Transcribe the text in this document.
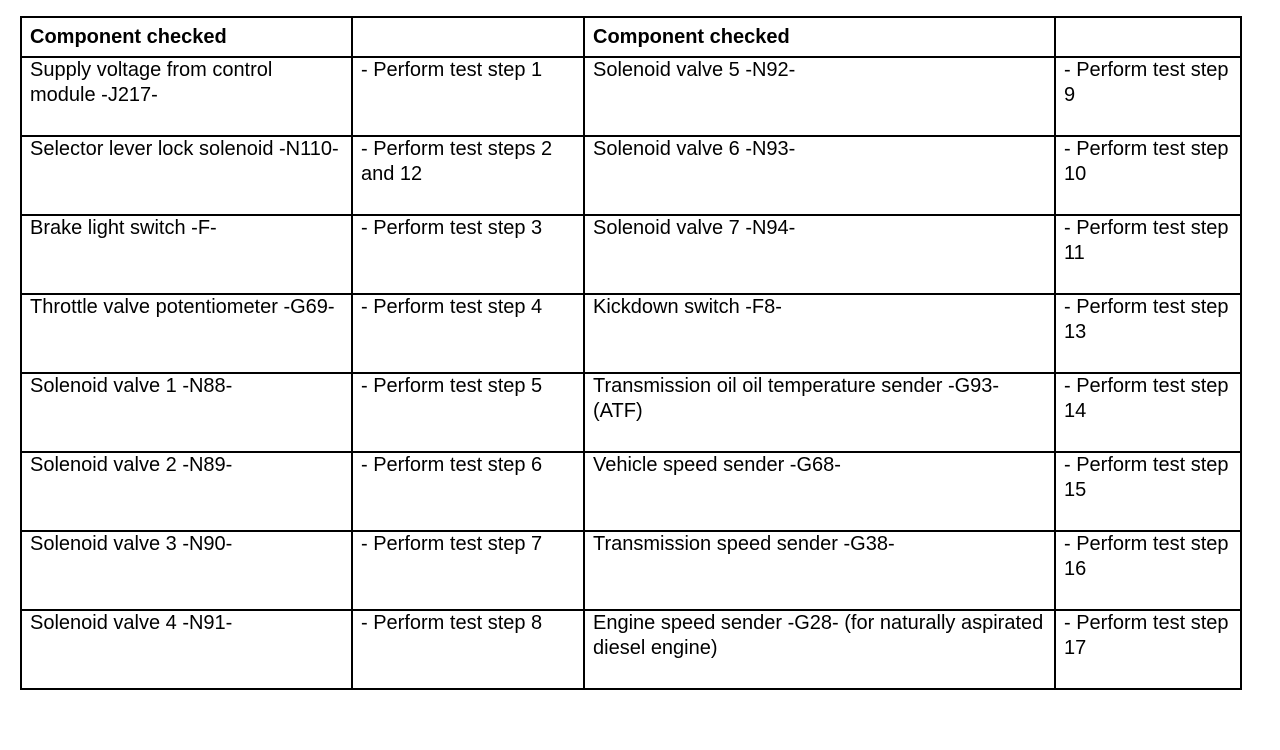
Component checked		Component checked	
Supply voltage from control module -J217-	- Perform test step 1	Solenoid valve 5 -N92-	- Perform test step 9
Selector lever lock solenoid -N110-	- Perform test steps 2 and 12	Solenoid valve 6 -N93-	- Perform test step 10
Brake light switch -F-	- Perform test step 3	Solenoid valve 7 -N94-	- Perform test step 11
Throttle valve potentiometer -G69-	- Perform test step 4	Kickdown switch -F8-	- Perform test step 13
Solenoid valve 1 -N88-	- Perform test step 5	Transmission oil oil temperature sender -G93- (ATF)	- Perform test step 14
Solenoid valve 2 -N89-	- Perform test step 6	Vehicle speed sender -G68-	- Perform test step 15
Solenoid valve 3 -N90-	- Perform test step 7	Transmission speed sender -G38-	- Perform test step 16
Solenoid valve 4 -N91-	- Perform test step 8	Engine speed sender -G28- (for naturally aspirated diesel engine)	- Perform test step 17
